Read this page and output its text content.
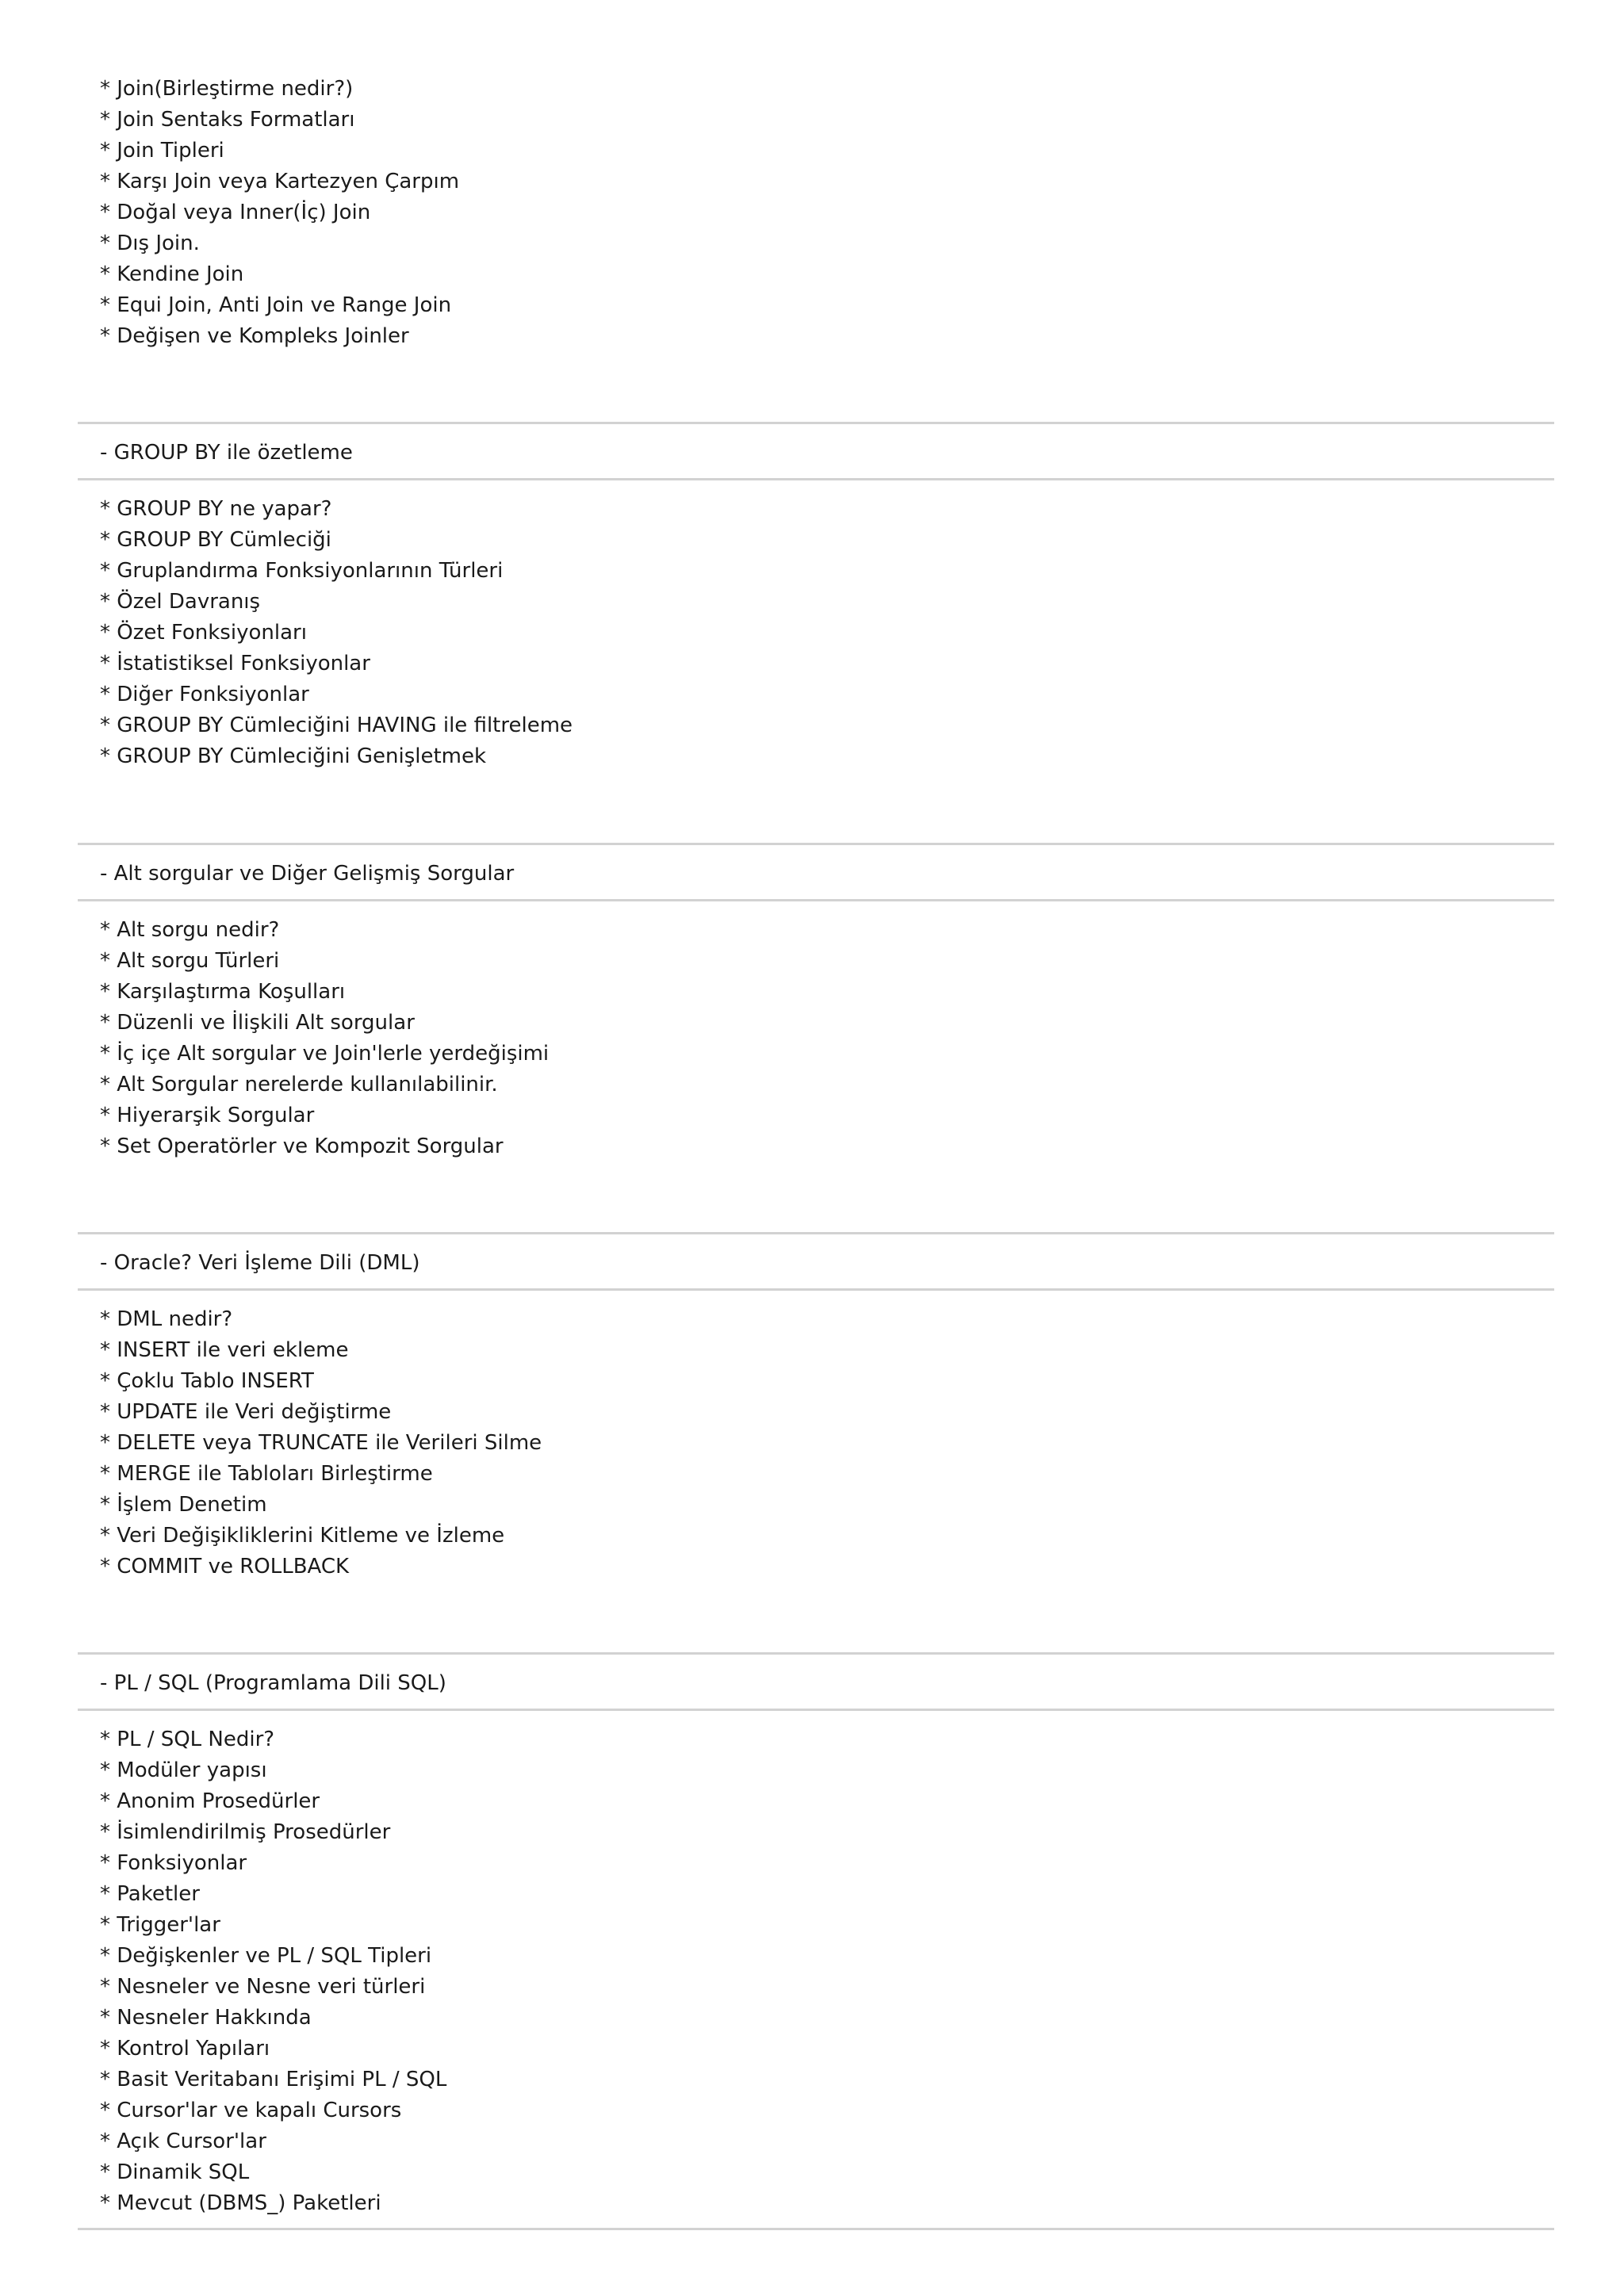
* Join(Birleştirme nedir?)
* Join Sentaks Formatları
* Join Tipleri
* Karşı Join veya Kartezyen Çarpım
* Doğal veya Inner(İç) Join
* Dış Join.
* Kendine Join
* Equi Join, Anti Join ve Range Join
* Değişen ve Kompleks Joinler
- GROUP BY ile özetleme
* GROUP BY ne yapar?
* GROUP BY Cümleciği
* Gruplandırma Fonksiyonlarının Türleri
* Özel Davranış
* Özet Fonksiyonları
* İstatistiksel Fonksiyonlar
* Diğer Fonksiyonlar
* GROUP BY Cümleciğini HAVING ile filtreleme
* GROUP BY Cümleciğini Genişletmek
- Alt sorgular ve Diğer Gelişmiş Sorgular
* Alt sorgu nedir?
* Alt sorgu Türleri
* Karşılaştırma Koşulları
* Düzenli ve İlişkili Alt sorgular
* İç içe Alt sorgular ve Join'lerle yerdeğişimi
* Alt Sorgular nerelerde kullanılabilinir.
* Hiyerarşik Sorgular
* Set Operatörler ve Kompozit Sorgular
- Oracle? Veri İşleme Dili (DML)
* DML nedir?
* INSERT ile veri ekleme
* Çoklu Tablo INSERT
* UPDATE ile Veri değiştirme
* DELETE veya TRUNCATE ile Verileri Silme
* MERGE ile Tabloları Birleştirme
* İşlem Denetim
* Veri Değişikliklerini Kitleme ve İzleme
* COMMIT ve ROLLBACK
- PL / SQL (Programlama Dili SQL)
* PL / SQL Nedir?
* Modüler yapısı
* Anonim Prosedürler
* İsimlendirilmiş Prosedürler
* Fonksiyonlar
* Paketler
* Trigger'lar
* Değişkenler ve PL / SQL Tipleri
* Nesneler ve Nesne veri türleri
* Nesneler Hakkında
* Kontrol Yapıları
* Basit Veritabanı Erişimi PL / SQL
* Cursor'lar ve kapalı Cursors
* Açık Cursor'lar
* Dinamik SQL
* Mevcut (DBMS_) Paketleri
